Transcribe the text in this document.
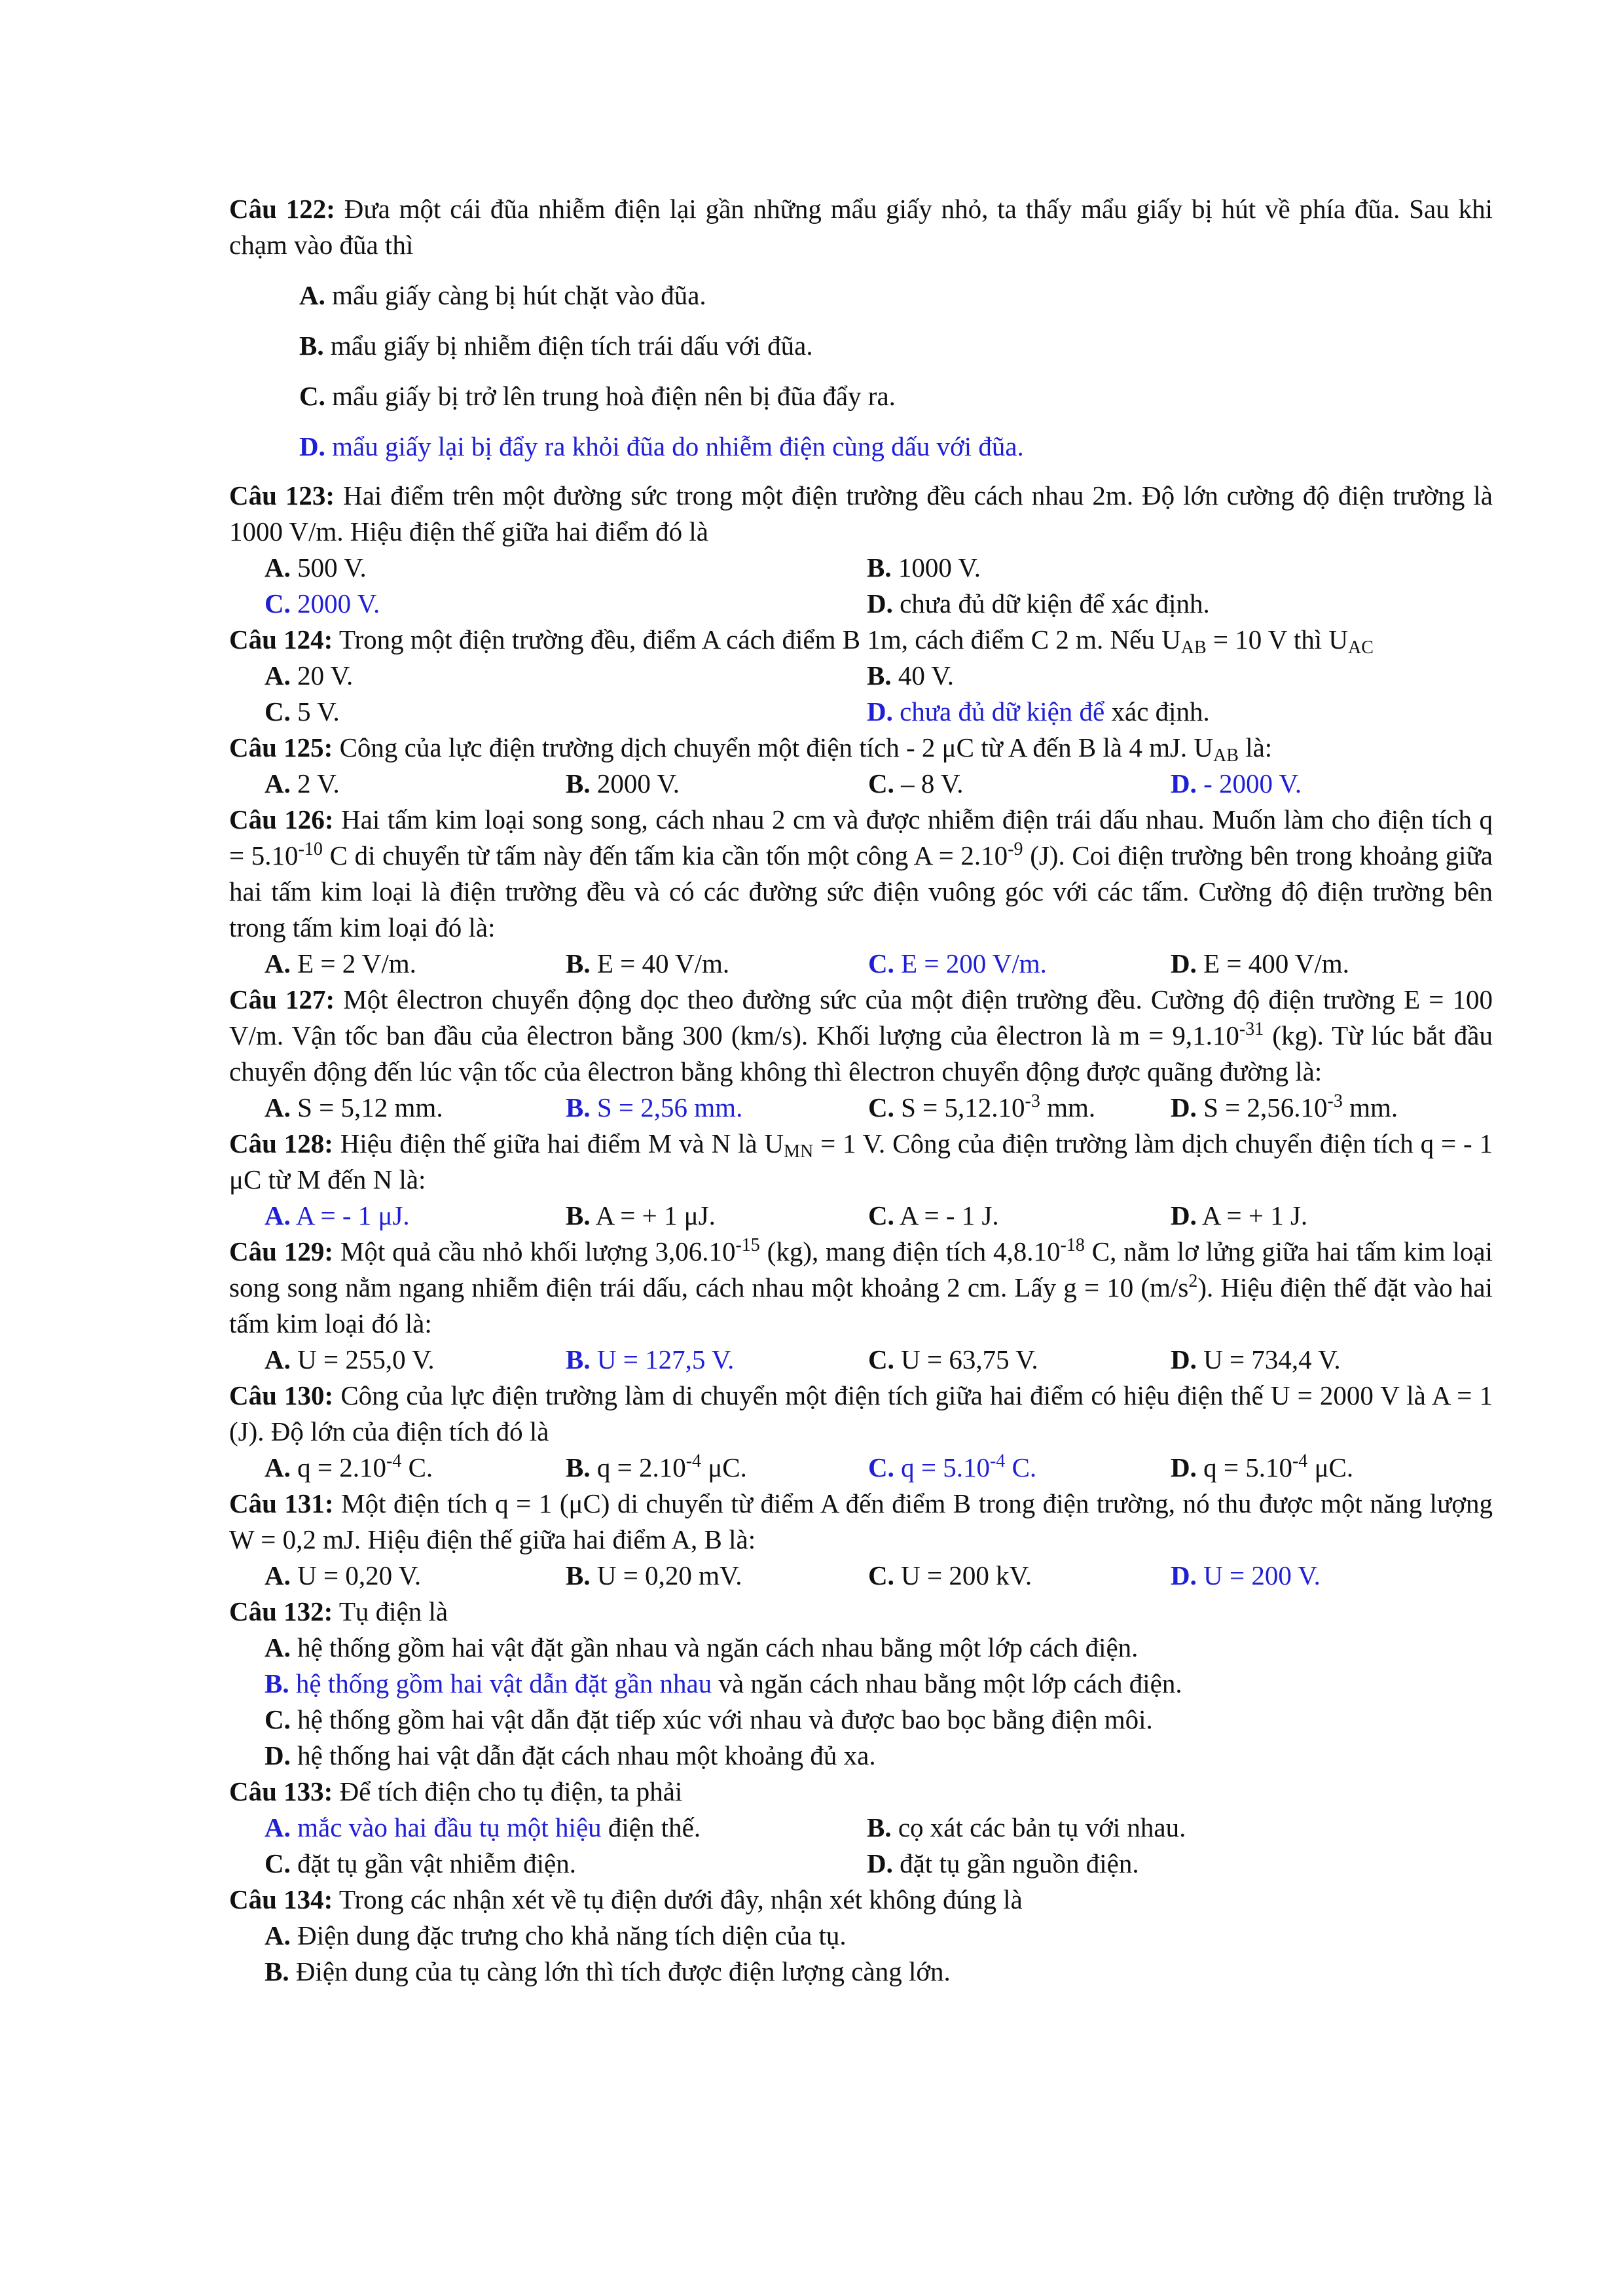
Câu 122: Đưa một cái đũa nhiễm điện lại gần những mẩu giấy nhỏ, ta thấy mẩu giấy bị hút về phía đũa. Sau khi chạm vào đũa thì

A. mẩu giấy càng bị hút chặt vào đũa.

B. mẩu giấy bị nhiễm điện tích trái dấu với đũa.

C. mẩu giấy bị trở lên trung hoà điện nên bị đũa đẩy ra.

D. mẩu giấy lại bị đẩy ra khỏi đũa do nhiễm điện cùng dấu với đũa.

Câu 123: Hai điểm trên một đường sức trong một điện trường đều cách nhau 2m. Độ lớn cường độ điện trường là 1000 V/m. Hiệu điện thế giữa hai điểm đó là

A. 500 V.	B. 1000 V.
C. 2000 V.	D. chưa đủ dữ kiện để xác định.

Câu 124: Trong một điện trường đều, điểm A cách điểm B 1m, cách điểm C 2 m. Nếu $U_{AB} = 10$ V thì $U_{AC}$

A. 20 V.	B. 40 V.
C. 5 V.	D. chưa đủ dữ kiện để xác định.

Câu 125: Công của lực điện trường dịch chuyển một điện tích - 2 μC từ A đến B là 4 mJ. $U_{AB}$ là:

A. 2 V.	B. 2000 V.	C. – 8 V.	D. - 2000 V.

Câu 126: Hai tấm kim loại song song, cách nhau 2 cm và được nhiễm điện trái dấu nhau. Muốn làm cho điện tích $q = 5.10^{-10}$ C di chuyển từ tấm này đến tấm kia cần tốn một công $A = 2.10^{-9}$ (J). Coi điện trường bên trong khoảng giữa hai tấm kim loại là điện trường đều và có các đường sức điện vuông góc với các tấm. Cường độ điện trường bên trong tấm kim loại đó là:

A. E = 2 V/m.	B. E = 40 V/m.	C. E = 200 V/m.	D. E = 400 V/m.

Câu 127: Một êlectron chuyển động dọc theo đường sức của một điện trường đều. Cường độ điện trường E = 100 V/m. Vận tốc ban đầu của êlectron bằng 300 (km/s). Khối lượng của êlectron là $m = 9,1.10^{-31}$ (kg). Từ lúc bắt đầu chuyển động đến lúc vận tốc của êlectron bằng không thì êlectron chuyển động được quãng đường là:

A. S = 5,12 mm.	B. S = 2,56 mm.	C. $S = 5,12.10^{-3}$ mm.	D. $S = 2,56.10^{-3}$ mm.

Câu 128: Hiệu điện thế giữa hai điểm M và N là $U_{MN} = 1$ V. Công của điện trường làm dịch chuyển điện tích q = - 1 μC từ M đến N là:

A. A = - 1 μJ.	B. A = + 1 μJ.	C. A = - 1 J.	D. A = + 1 J.

Câu 129: Một quả cầu nhỏ khối lượng $3,06.10^{-15}$ (kg), mang điện tích $4,8.10^{-18}$ C, nằm lơ lửng giữa hai tấm kim loại song song nằm ngang nhiễm điện trái dấu, cách nhau một khoảng 2 cm. Lấy g = 10 $(m/s^2)$. Hiệu điện thế đặt vào hai tấm kim loại đó là:

A. U = 255,0 V.	B. U = 127,5 V.	C. U = 63,75 V.	D. U = 734,4 V.

Câu 130: Công của lực điện trường làm di chuyển một điện tích giữa hai điểm có hiệu điện thế U = 2000 V là A = 1 (J). Độ lớn của điện tích đó là

A. $q = 2.10^{-4}$ C.	B. $q = 2.10^{-4}$ μC.	C. $q = 5.10^{-4}$ C.	D. $q = 5.10^{-4}$ μC.

Câu 131: Một điện tích q = 1 (μC) di chuyển từ điểm A đến điểm B trong điện trường, nó thu được một năng lượng W = 0,2 mJ. Hiệu điện thế giữa hai điểm A, B là:

A. U = 0,20 V.	B. U = 0,20 mV.	C. U = 200 kV.	D. U = 200 V.

Câu 132: Tụ điện là

A. hệ thống gồm hai vật đặt gần nhau và ngăn cách nhau bằng một lớp cách điện.

B. hệ thống gồm hai vật dẫn đặt gần nhau và ngăn cách nhau bằng một lớp cách điện.

C. hệ thống gồm hai vật dẫn đặt tiếp xúc với nhau và được bao bọc bằng điện môi.

D. hệ thống hai vật dẫn đặt cách nhau một khoảng đủ xa.

Câu 133: Để tích điện cho tụ điện, ta phải

A. mắc vào hai đầu tụ một hiệu điện thế.	B. cọ xát các bản tụ với nhau.
C. đặt tụ gần vật nhiễm điện.	D. đặt tụ gần nguồn điện.

Câu 134: Trong các nhận xét về tụ điện dưới đây, nhận xét không đúng là

A. Điện dung đặc trưng cho khả năng tích diện của tụ.

B. Điện dung của tụ càng lớn thì tích được điện lượng càng lớn.
